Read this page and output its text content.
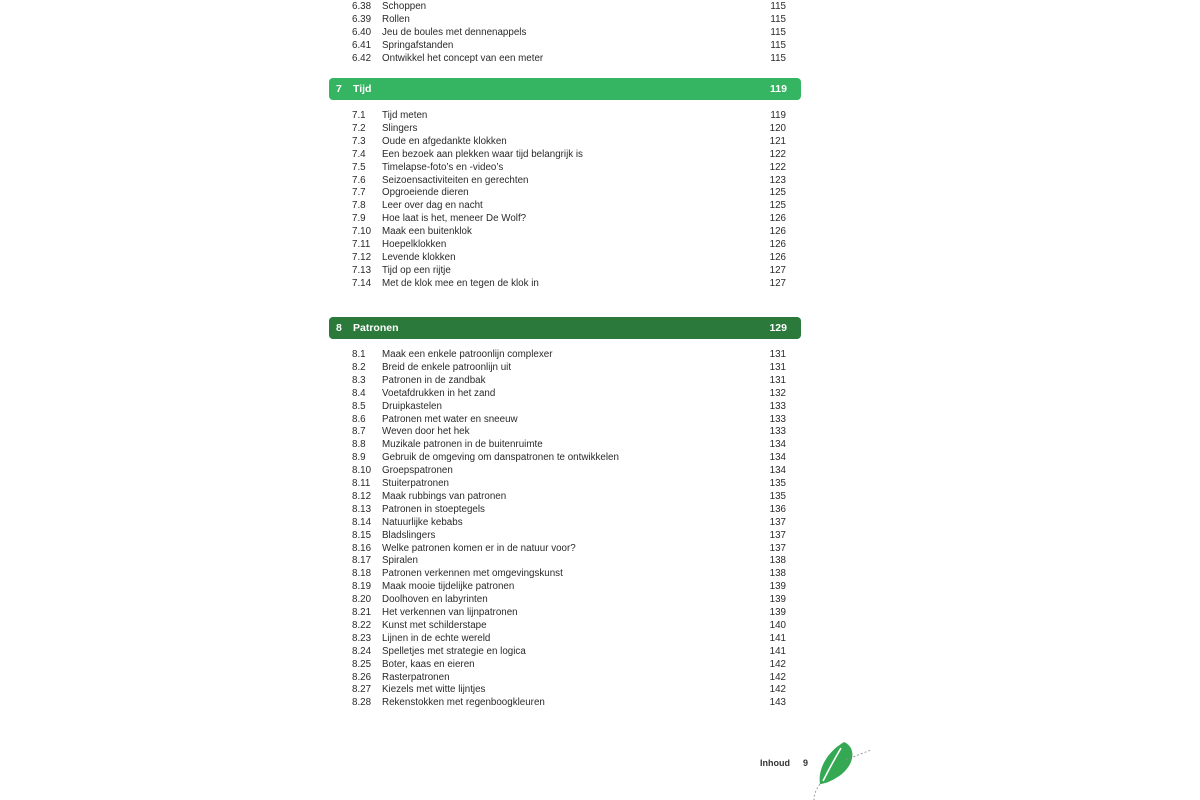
6.38 Schoppen	115
6.39 Rollen	115
6.40 Jeu de boules met dennenappels	115
6.41 Springafstanden	115
6.42 Ontwikkel het concept van een meter	115
7 Tijd	119
7.1 Tijd meten	119
7.2 Slingers	120
7.3 Oude en afgedankte klokken	121
7.4 Een bezoek aan plekken waar tijd belangrijk is	122
7.5 Timelapse-foto’s en -video’s	122
7.6 Seizoensactiviteiten en gerechten	123
7.7 Opgroeiende dieren	125
7.8 Leer over dag en nacht	125
7.9 Hoe laat is het, meneer De Wolf?	126
7.10 Maak een buitenklok	126
7.11 Hoepelklokken	126
7.12 Levende klokken	126
7.13 Tijd op een rijtje	127
7.14 Met de klok mee en tegen de klok in	127
8 Patronen	129
8.1 Maak een enkele patroonlijn complexer	131
8.2 Breid de enkele patroonlijn uit	131
8.3 Patronen in de zandbak	131
8.4 Voetafdrukken in het zand	132
8.5 Druipkastelen	133
8.6 Patronen met water en sneeuw	133
8.7 Weven door het hek	133
8.8 Muzikale patronen in de buitenruimte	134
8.9 Gebruik de omgeving om danspatronen te ontwikkelen	134
8.10 Groepspatronen	134
8.11 Stuiterpatronen	135
8.12 Maak rubbings van patronen	135
8.13 Patronen in stoeptegels	136
8.14 Natuurlijke kebabs	137
8.15 Bladslingers	137
8.16 Welke patronen komen er in de natuur voor?	137
8.17 Spiralen	138
8.18 Patronen verkennen met omgevingskunst	138
8.19 Maak mooie tijdelijke patronen	139
8.20 Doolhoven en labyrinten	139
8.21 Het verkennen van lijnpatronen	139
8.22 Kunst met schilderstape	140
8.23 Lijnen in de echte wereld	141
8.24 Spelletjes met strategie en logica	141
8.25 Boter, kaas en eieren	142
8.26 Rasterpatronen	142
8.27 Kiezels met witte lijntjes	142
8.28 Rekenstokken met regenboogkleuren	143
Inhoud 9
